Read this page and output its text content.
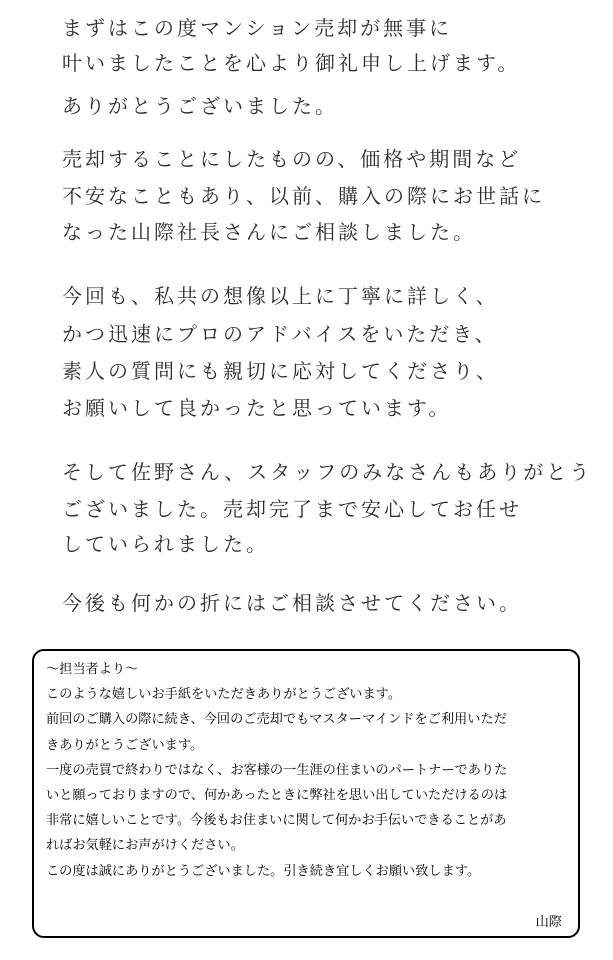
まずはこの度マンション売却が無事に
叶いましたことを心より御礼申し上げます。
ありがとうございました。
売却することにしたものの、価格や期間など
不安なこともあり、以前、購入の際にお世話に
なった山際社長さんにご相談しました。
今回も、私共の想像以上に丁寧に詳しく、
かつ迅速にプロのアドバイスをいただき、
素人の質問にも親切に応対してくださり、
お願いして良かったと思っています。
そして佐野さん、スタッフのみなさんもありがとう
ございました。売却完了まで安心してお任せ
していられました。
今後も何かの折にはご相談させてください。
～担当者より～
このような嬉しいお手紙をいただきありがとうございます。
前回のご購入の際に続き、今回のご売却でもマスターマインドをご利用いただ
きありがとうございます。
一度の売買で終わりではなく、お客様の一生涯の住まいのパートナーでありた
いと願っておりますので、何かあったときに弊社を思い出していただけるのは
非常に嬉しいことです。今後もお住まいに関して何かお手伝いできることがあ
ればお気軽にお声がけください。
この度は誠にありがとうございました。引き続き宜しくお願い致します。
山際
